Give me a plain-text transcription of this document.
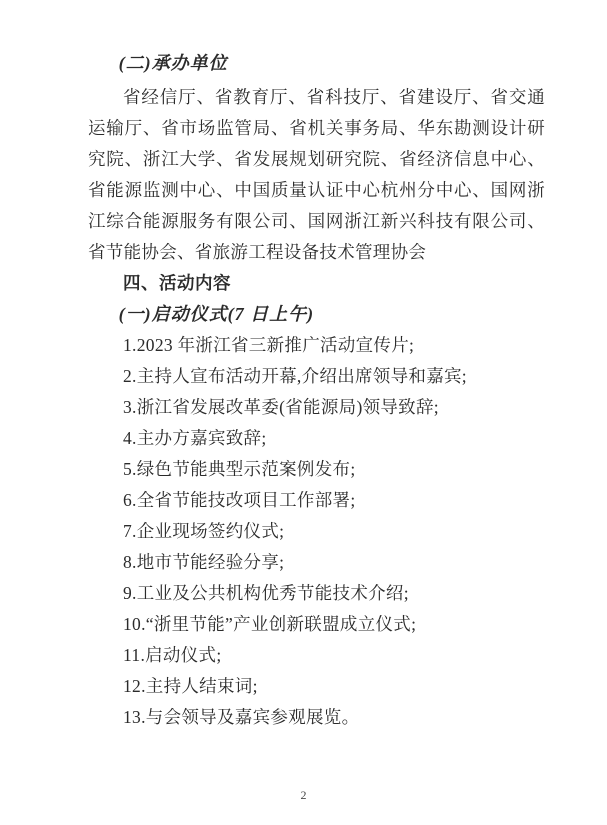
(二)承办单位

省经信厅、省教育厅、省科技厅、省建设厅、省交通运输厅、省市场监管局、省机关事务局、华东勘测设计研究院、浙江大学、省发展规划研究院、省经济信息中心、省能源监测中心、中国质量认证中心杭州分中心、国网浙江综合能源服务有限公司、国网浙江新兴科技有限公司、省节能协会、省旅游工程设备技术管理协会

四、活动内容
(一)启动仪式(7 日上午)

1.2023 年浙江省三新推广活动宣传片;

2.主持人宣布活动开幕,介绍出席领导和嘉宾;

3.浙江省发展改革委(省能源局)领导致辞;

4.主办方嘉宾致辞;

5.绿色节能典型示范案例发布;

6.全省节能技改项目工作部署;

7.企业现场签约仪式;

8.地市节能经验分享;

9.工业及公共机构优秀节能技术介绍;

10.“浙里节能”产业创新联盟成立仪式;

11.启动仪式;

12.主持人结束词;

13.与会领导及嘉宾参观展览。

2
